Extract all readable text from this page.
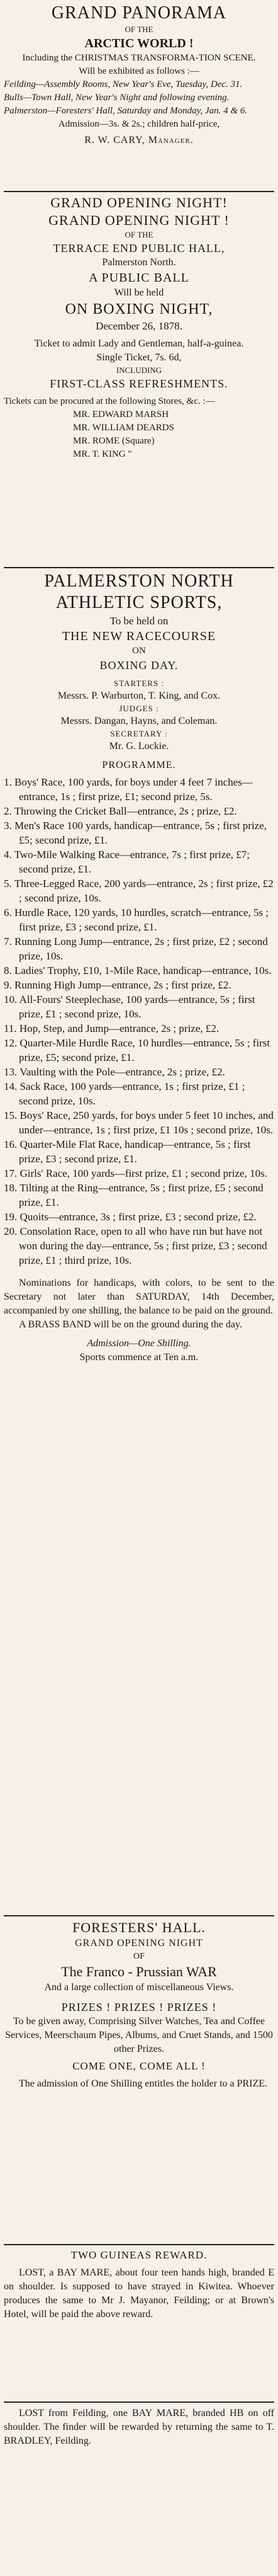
GRAND PANORAMA

OF THE

ARCTIC WORLD !

Including the CHRISTMAS TRANSFORMA-TION SCENE.

Will be exhibited as follows :—

Feilding—Assembly Rooms, New Year's Eve, Tuesday, Dec. 31.

Bulls—Town Hall, New Year's Night and following evening.

Palmerston—Foresters' Hall, Saturday and Monday, Jan. 4 & 6.

Admission—3s. & 2s.; children half-price,

R. W. CARY, Manager.

GRAND OPENING NIGHT!

GRAND OPENING NIGHT !

OF THE

TERRACE END PUBLIC HALL,

Palmerston North.

A PUBLIC BALL

Will be held

ON BOXING NIGHT,

December 26, 1878.

Ticket to admit Lady and Gentleman, half-a-guinea.

Single Ticket, 7s. 6d,

INCLUDING

FIRST-CLASS REFRESHMENTS.

Tickets can be procured at the following Stores, &c. :—

MR. EDWARD MARSH

MR. WILLIAM DEARDS

MR. ROME (Square)

MR. T. KING "

PALMERSTON NORTH

ATHLETIC SPORTS,

To be held on

THE NEW RACECOURSE

ON

BOXING DAY.

STARTERS :

Messrs. P. Warburton, T. King, and Cox.

JUDGES :

Messrs. Dangan, Hayns, and Coleman.

SECRETARY :

Mr. G. Lockie.

PROGRAMME.

1. Boys' Race, 100 yards, for boys under 4 feet 7 inches—entrance, 1s ; first prize, £1; second prize, 5s.

2. Throwing the Cricket Ball—entrance, 2s ; prize, £2.

3. Men's Race 100 yards, handicap—entrance, 5s ; first prize, £5; second prize, £1.

4. Two-Mile Walking Race—entrance, 7s ; first prize, £7; second prize, £1.

5. Three-Legged Race, 200 yards—entrance, 2s ; first prize, £2 ; second prize, 10s.

6. Hurdle Race, 120 yards, 10 hurdles, scratch—entrance, 5s ; first prize, £3 ; second prize, £1.

7. Running Long Jump—entrance, 2s ; first prize, £2 ; second prize, 10s.

8. Ladies' Trophy, £10, 1-Mile Race, handicap—entrance, 10s.

9. Running High Jump—entrance, 2s ; first prize, £2.

10. All-Fours' Steeplechase, 100 yards—entrance, 5s ; first prize, £1 ; second prize, 10s.

11. Hop, Step, and Jump—entrance, 2s ; prize, £2.

12. Quarter-Mile Hurdle Race, 10 hurdles—entrance, 5s ; first prize, £5; second prize, £1.

13. Vaulting with the Pole—entrance, 2s ; prize, £2.

14. Sack Race, 100 yards—entrance, 1s ; first prize, £1 ; second prize, 10s.

15. Boys' Race, 250 yards, for boys under 5 feet 10 inches, and under—entrance, 1s ; first prize, £1 10s ; second prize, 10s.

16. Quarter-Mile Flat Race, handicap—entrance, 5s ; first prize, £3 ; second prize, £1.

17. Girls' Race, 100 yards—first prize, £1 ; second prize, 10s.

18. Tilting at the Ring—entrance, 5s ; first prize, £5 ; second prize, £1.

19. Quoits—entrance, 3s ; first prize, £3 ; second prize, £2.

20. Consolation Race, open to all who have run but have not won during the day—entrance, 5s ; first prize, £3 ; second prize, £1 ; third prize, 10s.

Nominations for handicaps, with colors, to be sent to the Secretary not later than SATURDAY, 14th December, accompanied by one shilling, the balance to be paid on the ground.

A BRASS BAND will be on the ground during the day.

Admission—One Shilling.

Sports commence at Ten a.m.

FORESTERS' HALL.

GRAND OPENING NIGHT

OF

The Franco - Prussian WAR

And a large collection of miscellaneous Views.

PRIZES ! PRIZES ! PRIZES !

To be given away, Comprising Silver Watches, Tea and Coffee Services, Meerschaum Pipes, Albums, and Cruet Stands, and 1500 other Prizes.

COME ONE, COME ALL !

The admission of One Shilling entitles the holder to a PRIZE.

TWO GUINEAS REWARD.

LOST, a BAY MARE, about four teen hands high, branded E on shoulder. Is supposed to have strayed in Kiwitea. Whoever produces the same to Mr J. Mayanor, Feilding; or at Brown's Hotel, will be paid the above reward.

LOST from Feilding, one BAY MARE, branded HB on off shoulder. The finder will be rewarded by returning the same to T. BRADLEY, Feilding.
